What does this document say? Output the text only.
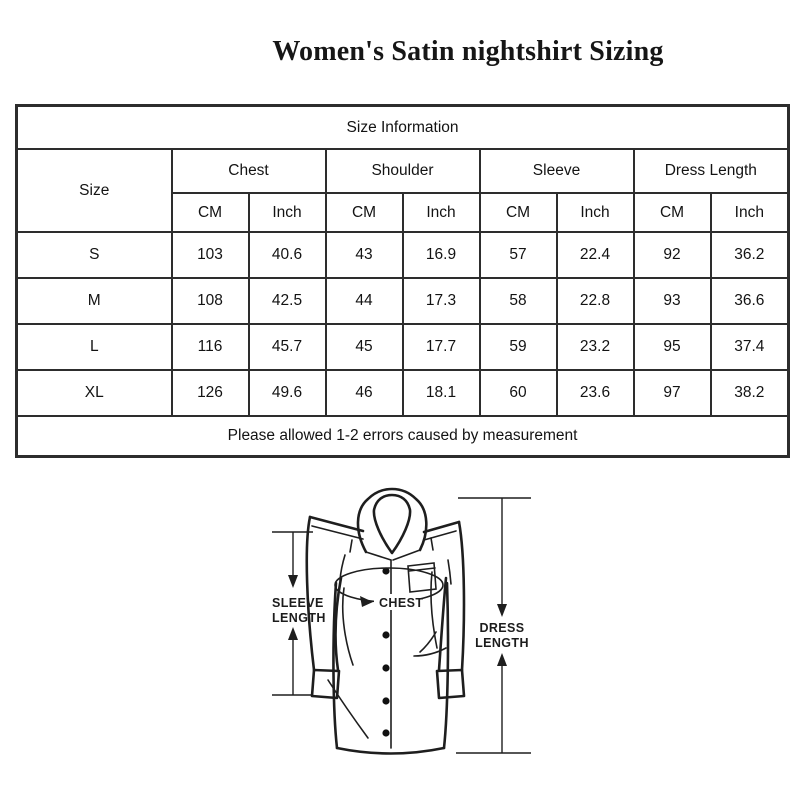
Women's Satin nightshirt Sizing
Size Information								
Size	Chest		Shoulder		Sleeve		Dress Length	
	CM	Inch	CM	Inch	CM	Inch	CM	Inch
S	103	40.6	43	16.9	57	22.4	92	36.2
M	108	42.5	44	17.3	58	22.8	93	36.6
L	116	45.7	45	17.7	59	23.2	95	37.4
XL	126	49.6	46	18.1	60	23.6	97	38.2
Please allowed 1-2 errors caused by measurement								
CHEST
SLEEVE
LENGTH
DRESS
LENGTH
